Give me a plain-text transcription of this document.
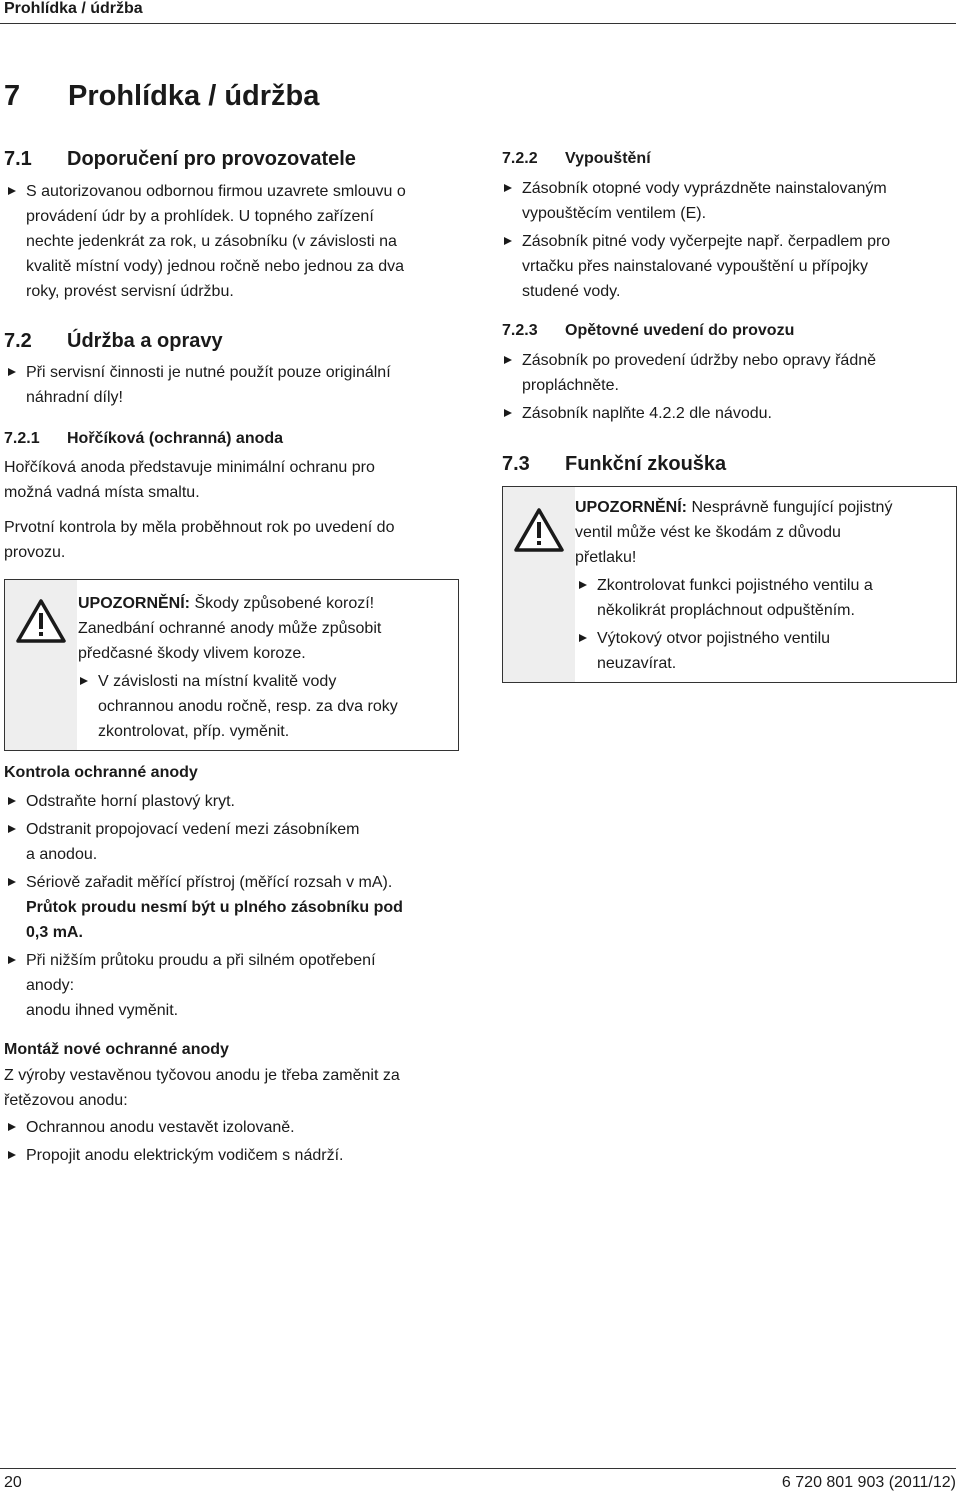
Prohlídka / údržba
7 Prohlídka / údržba
7.1 Doporučení pro provozovatele
S autorizovanou odbornou firmou uzavrete smlouvu o
provádení údr by a prohlídek. U topného zařízení
nechte jedenkrát za rok, u zásobníku (v závislosti na
kvalitě místní vody) jednou ročně nebo jednou za dva
roky, provést servisní údržbu.
7.2 Údržba a opravy
Při servisní činnosti je nutné použít pouze originální
náhradní díly!
7.2.1 Hořčíková (ochranná) anoda
Hořčíková anoda představuje minimální ochranu pro
možná vadná místa smaltu.
Prvotní kontrola by měla proběhnout rok po uvedení do
provozu.
UPOZORNĚNÍ: Škody způsobené korozí!
Zanedbání ochranné anody může způsobit
předčasné škody vlivem koroze.
V závislosti na místní kvalitě vody
ochrannou anodu ročně, resp. za dva roky
zkontrolovat, příp. vyměnit.
Kontrola ochranné anody
Odstraňte horní plastový kryt.
Odstranit propojovací vedení mezi zásobníkem
a anodou.
Sériově zařadit měřící přístroj (měřící rozsah v mA).
Průtok proudu nesmí být u plného zásobníku pod
0,3 mA.
Při nižším průtoku proudu a při silném opotřebení
anody:
anodu ihned vyměnit.
Montáž nové ochranné anody
Z výroby vestavěnou tyčovou anodu je třeba zaměnit za
řetězovou anodu:
Ochrannou anodu vestavět izolovaně.
Propojit anodu elektrickým vodičem s nádrží.
7.2.2 Vypouštění
Zásobník otopné vody vyprázdněte nainstalovaným
vypouštěcím ventilem (E).
Zásobník pitné vody vyčerpejte např. čerpadlem pro
vrtačku přes nainstalované vypouštění u přípojky
studené vody.
7.2.3 Opětovné uvedení do provozu
Zásobník po provedení údržby nebo opravy řádně
propláchněte.
Zásobník naplňte 4.2.2 dle návodu.
7.3 Funkční zkouška
UPOZORNĚNÍ: Nesprávně fungující pojistný
ventil může vést ke škodám z důvodu
přetlaku!
Zkontrolovat funkci pojistného ventilu a
několikrát propláchnout odpuštěním.
Výtokový otvor pojistného ventilu
neuzavírat.
20	6 720 801 903 (2011/12)
